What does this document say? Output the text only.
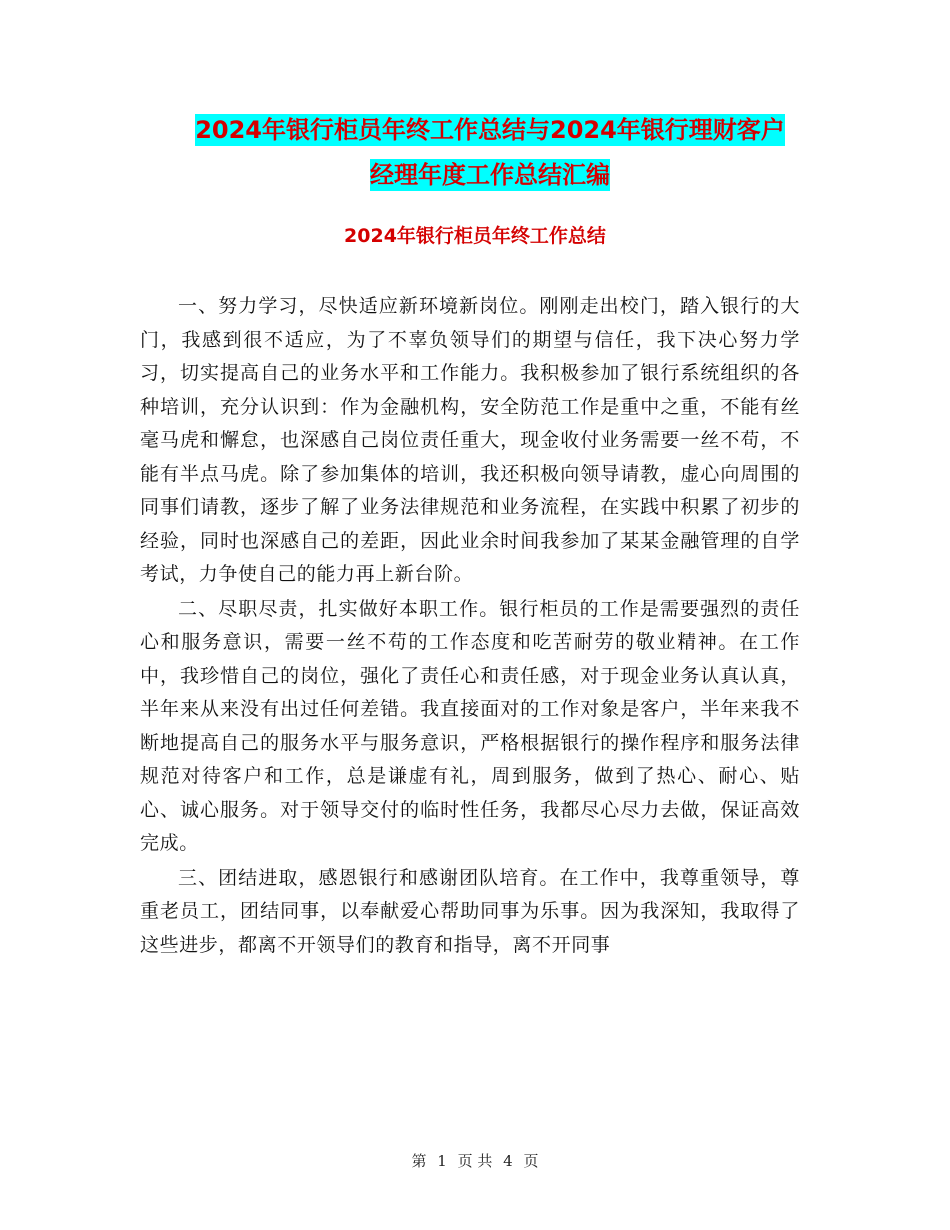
2024年银行柜员年终工作总结与2024年银行理财客户
经理年度工作总结汇编
2024年银行柜员年终工作总结

一、努力学习，尽快适应新环境新岗位。刚刚走出校门，踏入银行的大门，我感到很不适应，为了不辜负领导们的期望与信任，我下决心努力学习，切实提高自己的业务水平和工作能力。我积极参加了银行系统组织的各种培训，充分认识到：作为金融机构，安全防范工作是重中之重，不能有丝毫马虎和懈怠，也深感自己岗位责任重大，现金收付业务需要一丝不苟，不能有半点马虎。除了参加集体的培训，我还积极向领导请教，虚心向周围的同事们请教，逐步了解了业务法律规范和业务流程，在实践中积累了初步的经验，同时也深感自己的差距，因此业余时间我参加了某某金融管理的自学考试，力争使自己的能力再上新台阶。

二、尽职尽责，扎实做好本职工作。银行柜员的工作是需要强烈的责任心和服务意识，需要一丝不苟的工作态度和吃苦耐劳的敬业精神。在工作中，我珍惜自己的岗位，强化了责任心和责任感，对于现金业务认真认真，半年来从来没有出过任何差错。我直接面对的工作对象是客户，半年来我不断地提高自己的服务水平与服务意识，严格根据银行的操作程序和服务法律规范对待客户和工作，总是谦虚有礼，周到服务，做到了热心、耐心、贴心、诚心服务。对于领导交付的临时性任务，我都尽心尽力去做，保证高效完成。

三、团结进取，感恩银行和感谢团队培育。在工作中，我尊重领导，尊重老员工，团结同事，以奉献爱心帮助同事为乐事。因为我深知，我取得了这些进步，都离不开领导们的教育和指导，离不开同事

第 1 页 共 4 页
